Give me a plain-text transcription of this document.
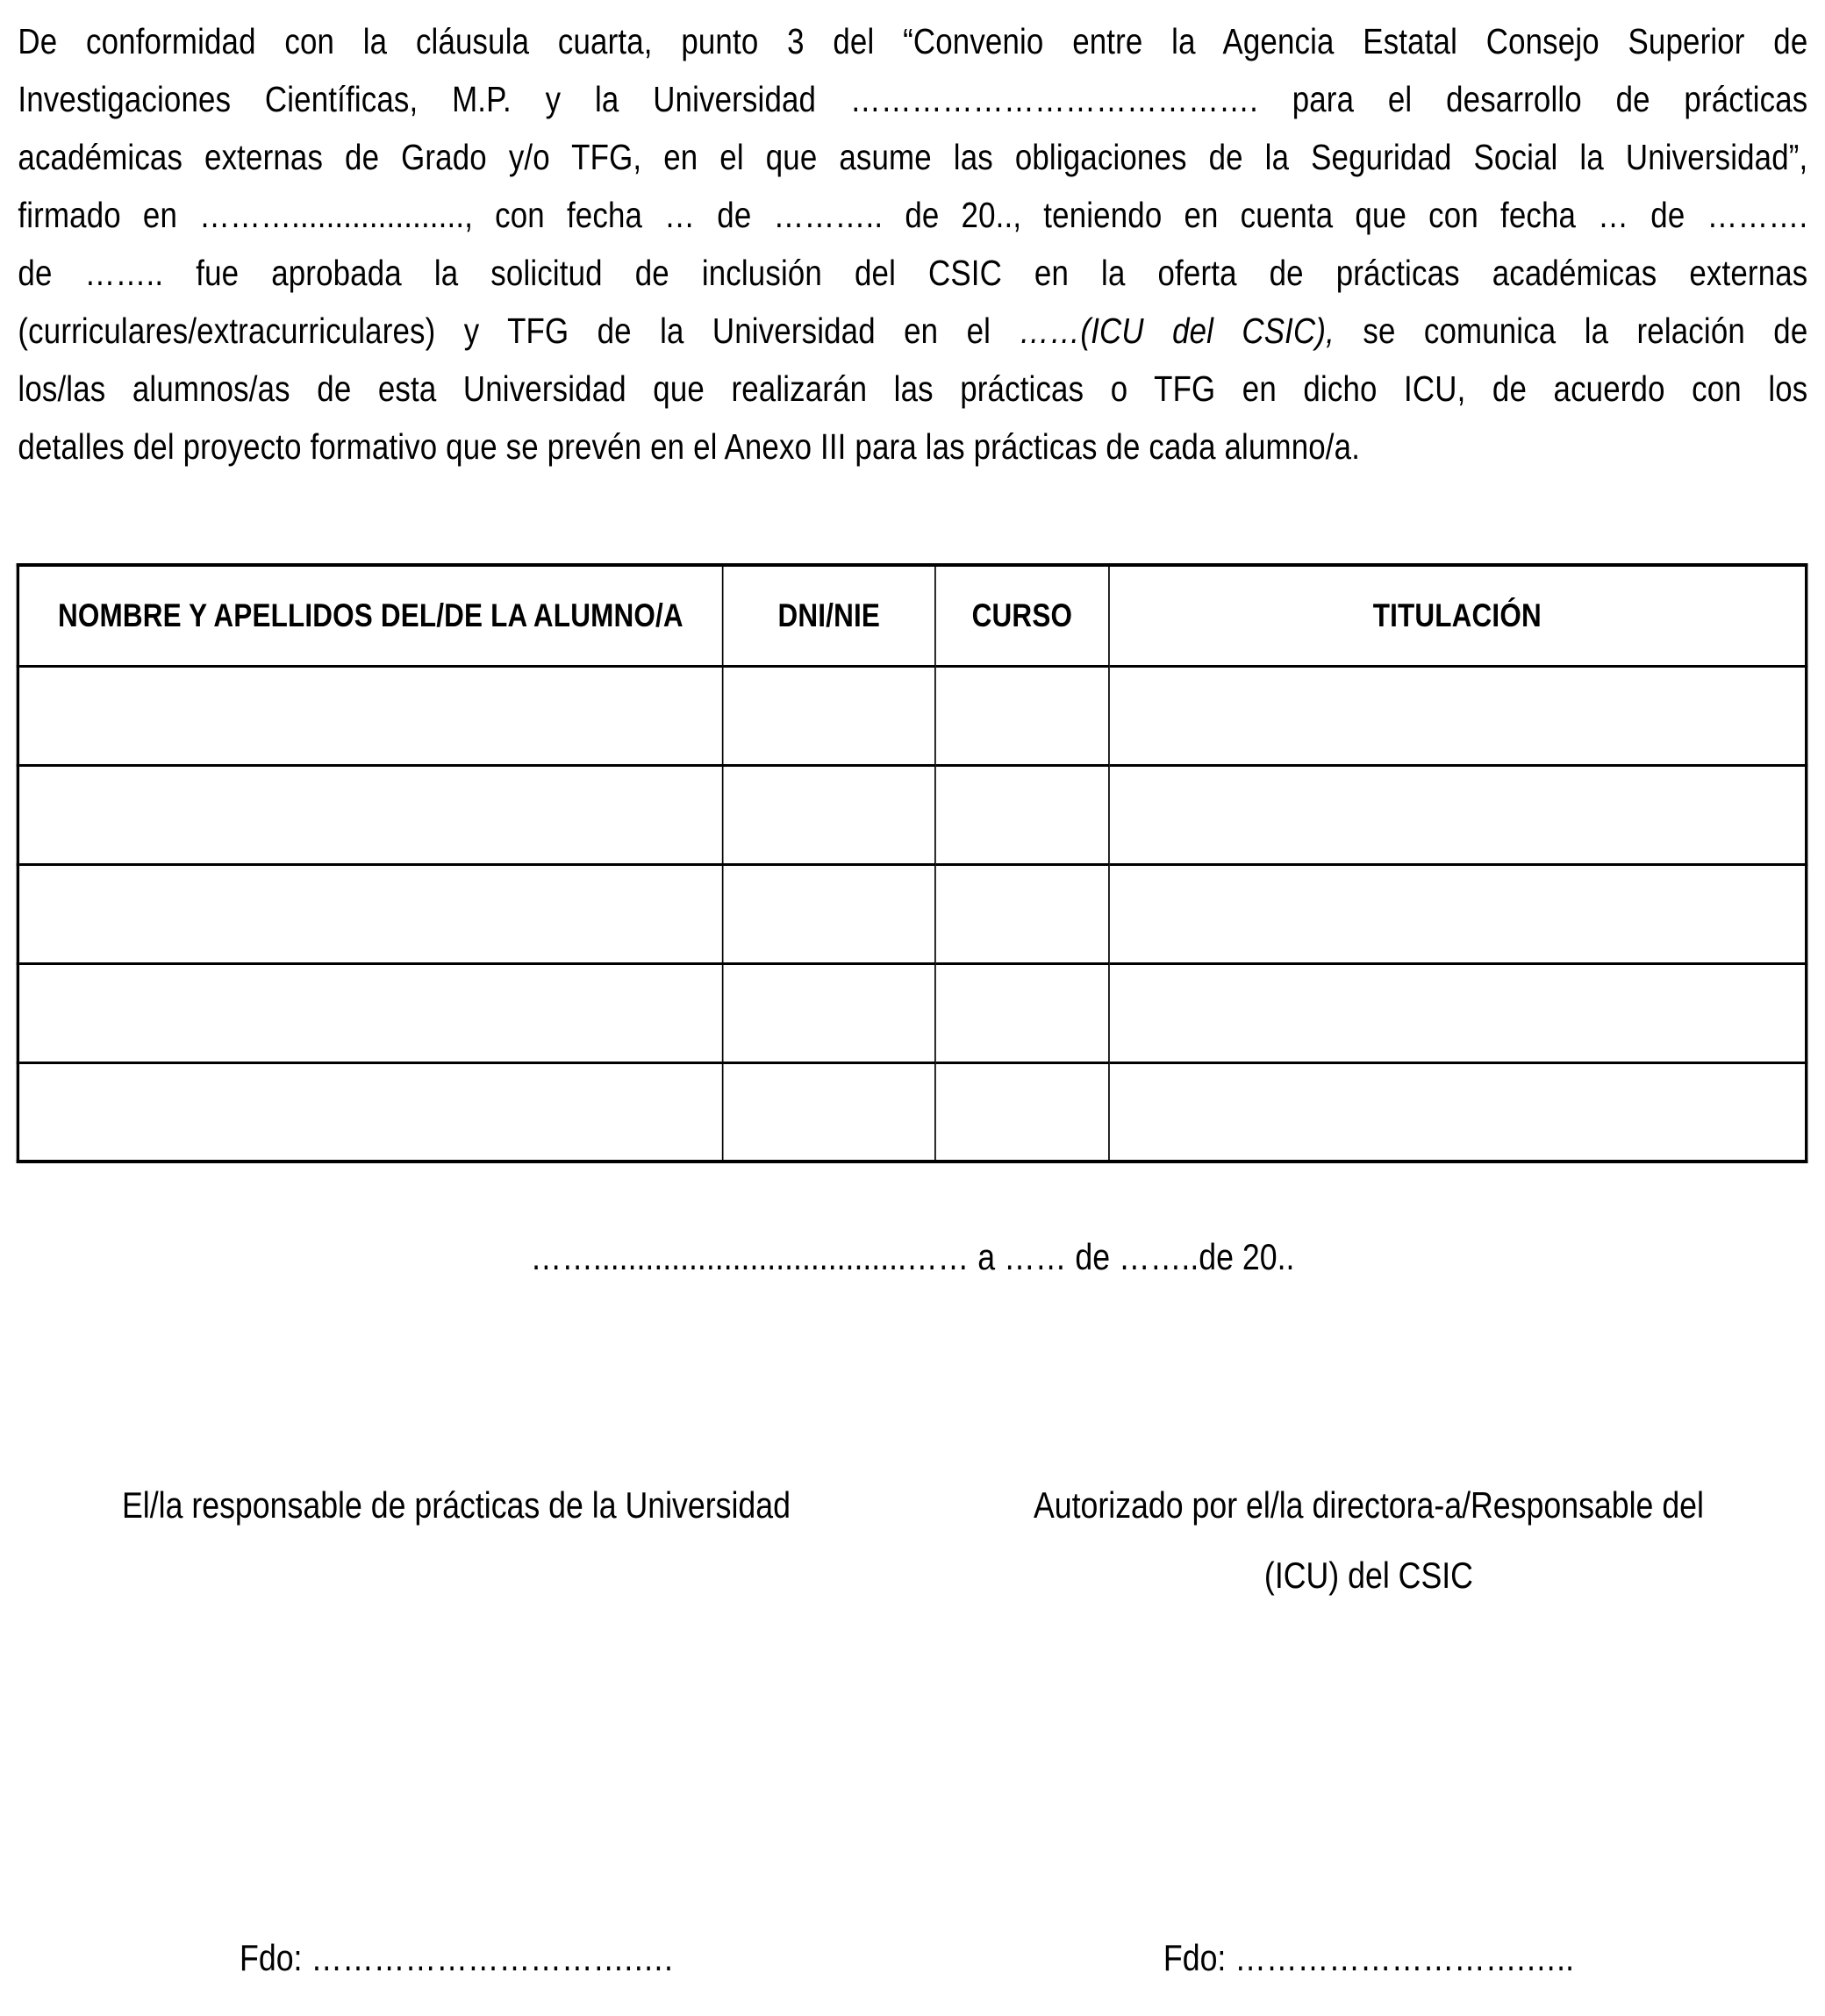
De conformidad con la cláusula cuarta, punto 3 del “Convenio entre la Agencia Estatal Consejo Superior de
Investigaciones Científicas, M.P. y la Universidad …………………………………. para el desarrollo de prácticas
académicas externas de Grado y/o TFG, en el que asume las obligaciones de la Seguridad Social la Universidad”,
firmado en ………...................., con fecha … de ……….. de 20.., teniendo en cuenta que con fecha … de ……….
de …….. fue aprobada la solicitud de inclusión del CSIC en la oferta de prácticas académicas externas
(curriculares/extracurriculares) y TFG de la Universidad en el ……(ICU del CSIC), se comunica la relación de
los/las alumnos/as de esta Universidad que realizarán las prácticas o TFG en dicho ICU, de acuerdo con los
detalles del proyecto formativo que se prevén en el Anexo III para las prácticas de cada alumno/a.
NOMBRE Y APELLIDOS DEL/DE LA ALUMNO/A	DNI/NIE	CURSO	TITULACIÓN

……....................................…… a …… de ……..de 20..
El/la responsable de prácticas de la Universidad	Autorizado por el/la directora-a/Responsable del
(ICU) del CSIC
Fdo: ………………………….….	Fdo: ……………………….…..
